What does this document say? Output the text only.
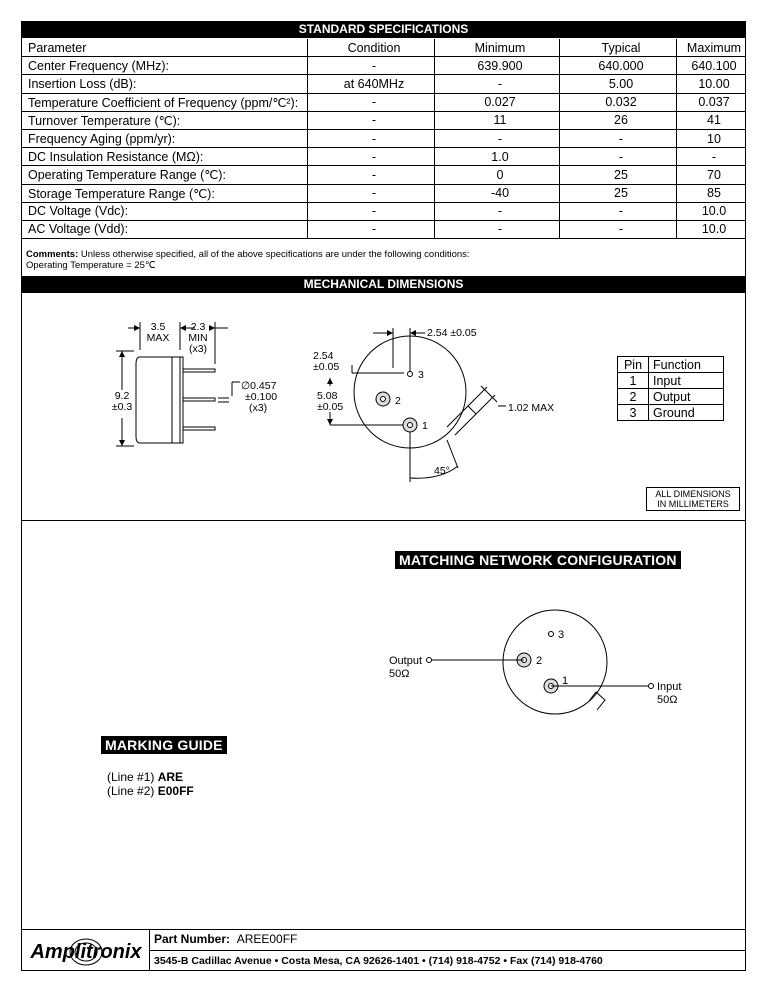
STANDARD SPECIFICATIONS
Parameter	Condition	Minimum	Typical	Maximum
Center Frequency (MHz):	-	639.900	640.000	640.100
Insertion Loss (dB):	at 640MHz	-	5.00	10.00
Temperature Coefficient of Frequency (ppm/℃²):	-	0.027	0.032	0.037
Turnover Temperature (℃):	-	11	26	41
Frequency Aging (ppm/yr):	-	-	-	10
DC Insulation Resistance (MΩ):	-	1.0	-	-
Operating Temperature Range (℃):	-	0	25	70
Storage Temperature Range (℃):	-	-40	25	85
DC Voltage (Vdc):	-	-	-	10.0
AC Voltage (Vdd):	-	-	-	10.0
Comments: Unless otherwise specified, all of the above specifications are under the following conditions:
Operating Temperature = 25℃
MECHANICAL DIMENSIONS
3.5
MAX
2.3
MIN
(x3)
9.2
±0.3
∅0.457
±0.100
(x3)
2.54 ±0.05
2.54
±0.05
5.08
±0.05	1.02 MAX
45°
3
2
1
Pin	Function
1	Input
2	Output
3	Ground
ALL DIMENSIONS
IN MILLIMETERS
MATCHING NETWORK CONFIGURATION
3
2
1
Output
50Ω
Input
50Ω
MARKING GUIDE
(Line #1) ARE
(Line #2) E00FF
Amplitronix
Part Number: AREE00FF
3545-B Cadillac Avenue • Costa Mesa, CA 92626-1401 • (714) 918-4752 • Fax (714) 918-4760
